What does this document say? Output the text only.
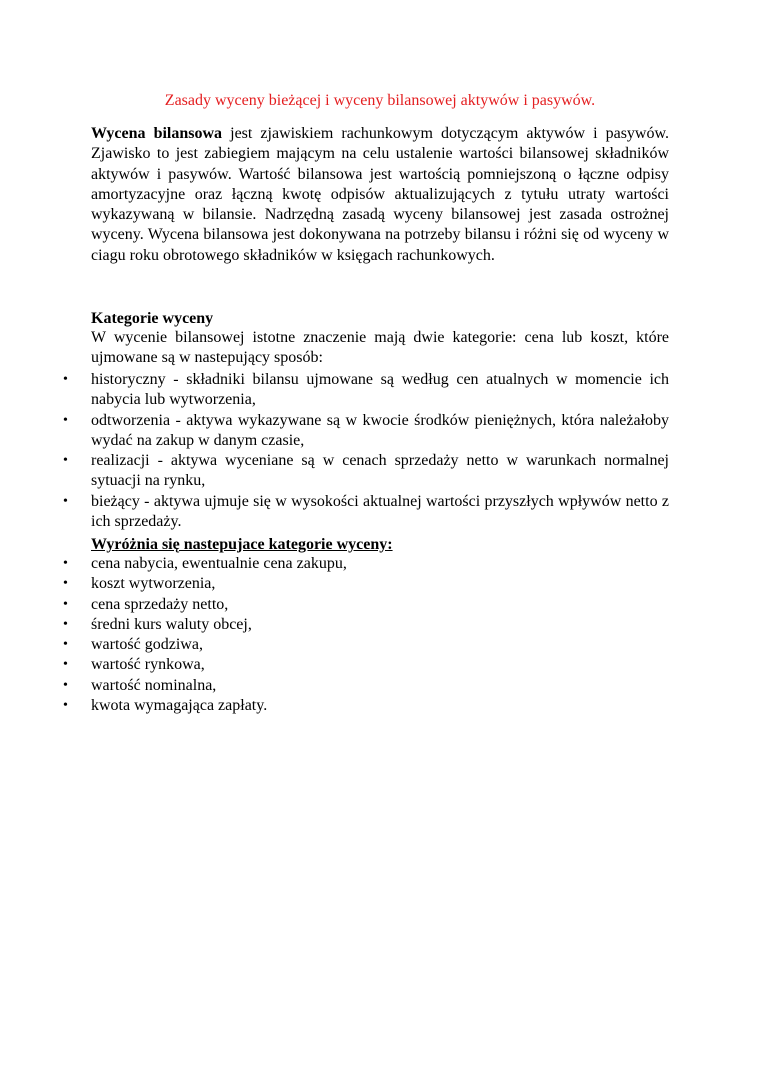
Zasady wyceny bieżącej i wyceny bilansowej aktywów i pasywów.
Wycena bilansowa jest zjawiskiem rachunkowym dotyczącym aktywów i pasywów. Zjawisko to jest zabiegiem mającym na celu ustalenie wartości bilansowej składników aktywów i pasywów. Wartość bilansowa jest wartością pomniejszoną o łączne odpisy amortyzacyjne oraz łączną kwotę odpisów aktualizujących z tytułu utraty wartości wykazywaną w bilansie. Nadrzędną zasadą wyceny bilansowej jest zasada ostrożnej wyceny. Wycena bilansowa jest dokonywana na potrzeby bilansu i różni się od wyceny w ciagu roku obrotowego składników w księgach rachunkowych.
Kategorie wyceny
W wycenie bilansowej istotne znaczenie mają dwie kategorie: cena lub koszt, które ujmowane są w nastepujący sposób:
• historyczny - składniki bilansu ujmowane są według cen atualnych w momencie ich nabycia lub wytworzenia,
• odtworzenia - aktywa wykazywane są w kwocie środków pieniężnych, która należałoby wydać na zakup w danym czasie,
• realizacji - aktywa wyceniane są w cenach sprzedaży netto w warunkach normalnej sytuacji na rynku,
• bieżący - aktywa ujmuje się w wysokości aktualnej wartości przyszłych wpływów netto z ich sprzedaży.
Wyróżnia się nastepujace kategorie wyceny:
• cena nabycia, ewentualnie cena zakupu,
• koszt wytworzenia,
• cena sprzedaży netto,
• średni kurs waluty obcej,
• wartość godziwa,
• wartość rynkowa,
• wartość nominalna,
• kwota wymagająca zapłaty.
